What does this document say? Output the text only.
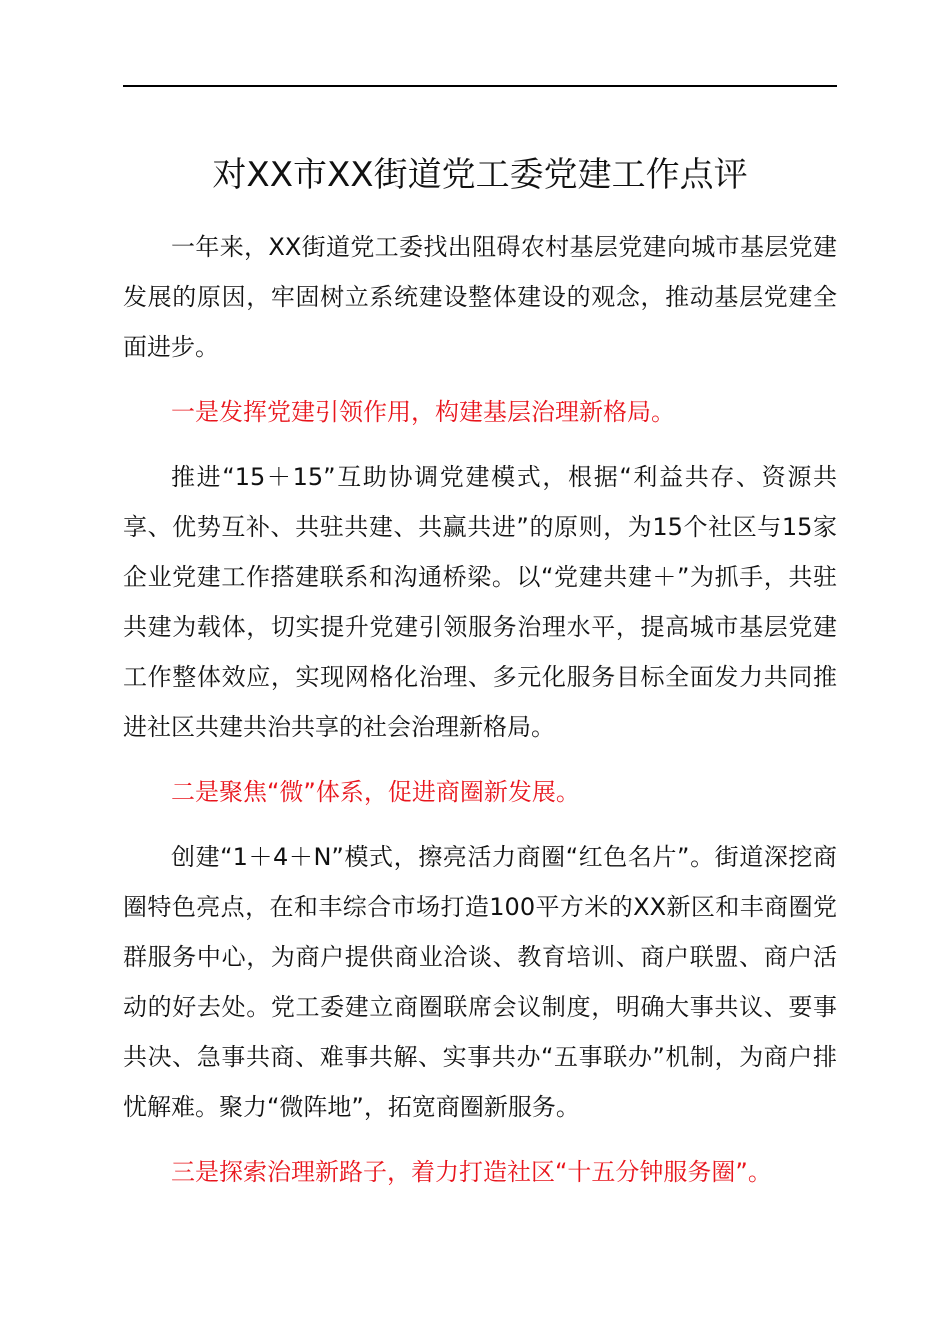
对XX市XX街道党工委党建工作点评

一年来，XX街道党工委找出阻碍农村基层党建向城市基层党建发展的原因，牢固树立系统建设整体建设的观念，推动基层党建全面进步。

一是发挥党建引领作用，构建基层治理新格局。

推进“15＋15”互助协调党建模式，根据“利益共存、资源共享、优势互补、共驻共建、共赢共进”的原则，为15个社区与15家企业党建工作搭建联系和沟通桥梁。以“党建共建＋”为抓手，共驻共建为载体，切实提升党建引领服务治理水平，提高城市基层党建工作整体效应，实现网格化治理、多元化服务目标全面发力共同推进社区共建共治共享的社会治理新格局。

二是聚焦“微”体系，促进商圈新发展。

创建“1＋4＋N”模式，擦亮活力商圈“红色名片”。街道深挖商圈特色亮点，在和丰综合市场打造100平方米的XX新区和丰商圈党群服务中心，为商户提供商业洽谈、教育培训、商户联盟、商户活动的好去处。党工委建立商圈联席会议制度，明确大事共议、要事共决、急事共商、难事共解、实事共办“五事联办”机制，为商户排忧解难。聚力“微阵地”，拓宽商圈新服务。

三是探索治理新路子，着力打造社区“十五分钟服务圈”。
